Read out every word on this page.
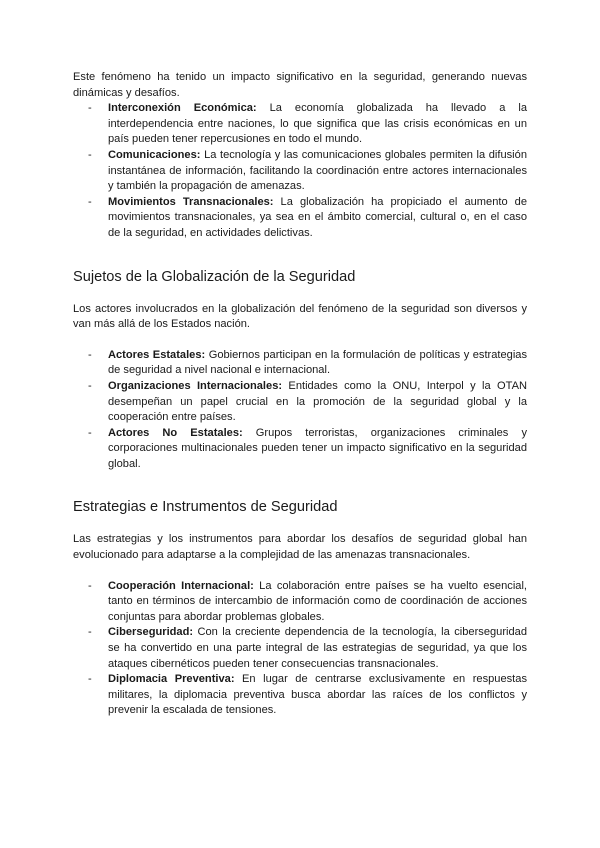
Este fenómeno ha tenido un impacto significativo en la seguridad, generando nuevas dinámicas y desafíos.

- Interconexión Económica: La economía globalizada ha llevado a la interdependencia entre naciones, lo que significa que las crisis económicas en un país pueden tener repercusiones en todo el mundo.
- Comunicaciones: La tecnología y las comunicaciones globales permiten la difusión instantánea de información, facilitando la coordinación entre actores internacionales y también la propagación de amenazas.
- Movimientos Transnacionales: La globalización ha propiciado el aumento de movimientos transnacionales, ya sea en el ámbito comercial, cultural o, en el caso de la seguridad, en actividades delictivas.
Sujetos de la Globalización de la Seguridad

Los actores involucrados en la globalización del fenómeno de la seguridad son diversos y van más allá de los Estados nación.

- Actores Estatales: Gobiernos participan en la formulación de políticas y estrategias de seguridad a nivel nacional e internacional.
- Organizaciones Internacionales: Entidades como la ONU, Interpol y la OTAN desempeñan un papel crucial en la promoción de la seguridad global y la cooperación entre países.
- Actores No Estatales: Grupos terroristas, organizaciones criminales y corporaciones multinacionales pueden tener un impacto significativo en la seguridad global.
Estrategias e Instrumentos de Seguridad

Las estrategias y los instrumentos para abordar los desafíos de seguridad global han evolucionado para adaptarse a la complejidad de las amenazas transnacionales.

- Cooperación Internacional: La colaboración entre países se ha vuelto esencial, tanto en términos de intercambio de información como de coordinación de acciones conjuntas para abordar problemas globales.
- Ciberseguridad: Con la creciente dependencia de la tecnología, la ciberseguridad se ha convertido en una parte integral de las estrategias de seguridad, ya que los ataques cibernéticos pueden tener consecuencias transnacionales.
- Diplomacia Preventiva: En lugar de centrarse exclusivamente en respuestas militares, la diplomacia preventiva busca abordar las raíces de los conflictos y prevenir la escalada de tensiones.
